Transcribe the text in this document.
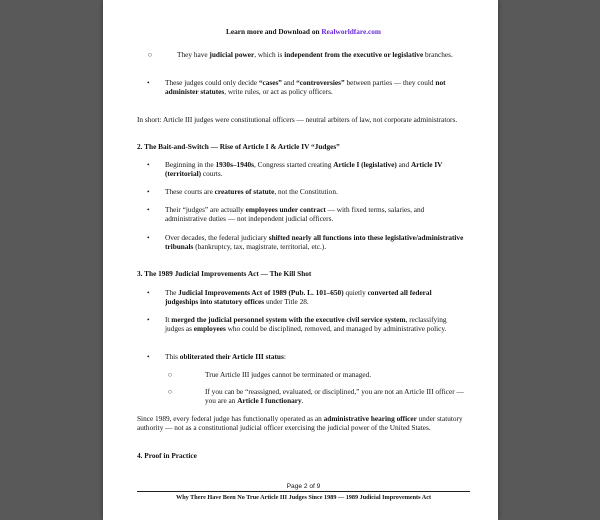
Learn more and Download on Realworldfare.com
○	They have judicial power, which is independent from the executive or legislative branches.
• These judges could only decide “cases” and “controversies” between parties — they could not administer statutes, write rules, or act as policy officers.
In short: Article III judges were constitutional officers — neutral arbiters of law, not corporate administrators.
2. The Bait-and-Switch — Rise of Article I & Article IV “Judges”
• Beginning in the 1930s–1940s, Congress started creating Article I (legislative) and Article IV (territorial) courts.
• These courts are creatures of statute, not the Constitution.
• Their “judges” are actually employees under contract — with fixed terms, salaries, and administrative duties — not independent judicial officers.
• Over decades, the federal judiciary shifted nearly all functions into these legislative/administrative tribunals (bankruptcy, tax, magistrate, territorial, etc.).
3. The 1989 Judicial Improvements Act — The Kill Shot
• The Judicial Improvements Act of 1989 (Pub. L. 101–650) quietly converted all federal judgeships into statutory offices under Title 28.
• It merged the judicial personnel system with the executive civil service system, reclassifying judges as employees who could be disciplined, removed, and managed by administrative policy.
• This obliterated their Article III status:
○	True Article III judges cannot be terminated or managed.
○	If you can be “reassigned, evaluated, or disciplined,” you are not an Article III officer — you are an Article I functionary.
Since 1989, every federal judge has functionally operated as an administrative hearing officer under statutory authority — not as a constitutional judicial officer exercising the judicial power of the United States.
4. Proof in Practice
Page 2 of 9
Why There Have Been No True Article III Judges Since 1989 — 1989 Judicial Improvements Act
